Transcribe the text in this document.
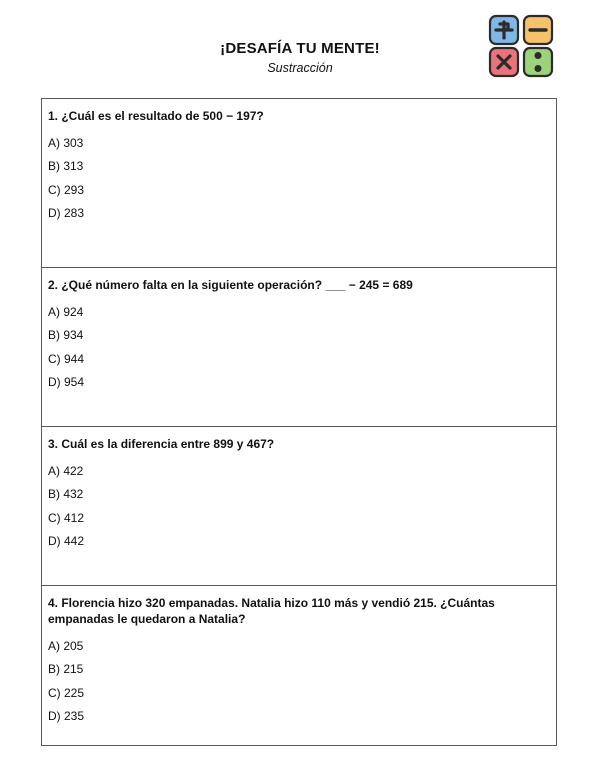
¡DESAFÍA TU MENTE!
Sustracción
1. ¿Cuál es el resultado de 500 − 197?
A) 303
B) 313
C) 293
D) 283
2. ¿Qué número falta en la siguiente operación? ___ − 245 = 689
A) 924
B) 934
C) 944
D) 954
3. Cuál es la diferencia entre 899 y 467?
A) 422
B) 432
C) 412
D) 442
4. Florencia hizo 320 empanadas. Natalia hizo 110 más y vendió 215. ¿Cuántas empanadas le quedaron a Natalia?
A) 205
B) 215
C) 225
D) 235
